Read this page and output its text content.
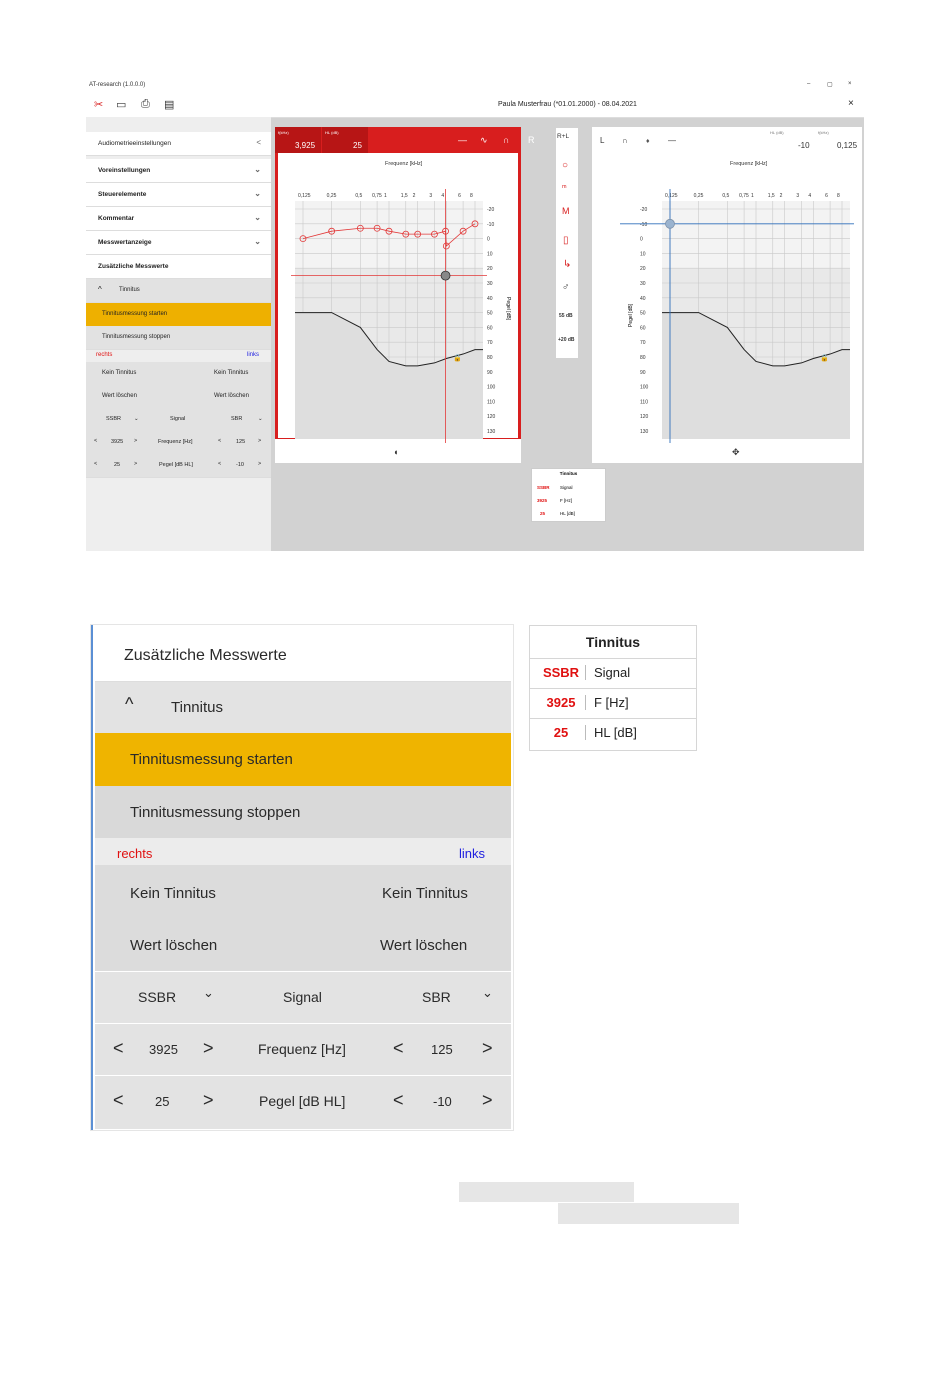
AT-research (1.0.0.0)	–	▢	×
✂ ▭ ⎙ ▤	Paula Musterfrau (*01.01.2000) - 08.04.2021	×
Audiometrieeinstellungen	<
Voreinstellungen	⌄
Steuerelemente	⌄
Kommentar	⌄
Messwertanzeige	⌄
Zusätzliche Messwerte
^	Tinnitus
Tinnitusmessung starten
Tinnitusmessung stoppen
rechts	links
Kein Tinnitus	Kein Tinnitus
Wert löschen	Wert löschen
SSBR ⌄	Signal	SBR	⌄
<	3925 >	Frequenz [Hz]	<	125 >
<	25	>	Pegel [dB HL]	<	-10	>
f(kHz)
3,925
HL (dB)
25
— ∿ ∩ R
Frequenz [kHz]
-20
-10
0
10
20
30
40
50
60
70
80
90
100
110
120
130
0,125	0,25	0,5 0,75 1	1,5 2	3 4	6 8
🔒
◖
Pegel [dB]
R+L
○
ᵐ
M
▯
↳
♂
55 dB
+20 dB
L ∩	♦ —
HL (dB)
-10
f(kHz)
0,125
Frequenz [kHz]
-20
-10
0
10
20
30
40
50
60
70
80
90
100
110
120
130
0,125	0,25	0,5 0,75 1	1,5 2	3 4	6 8
🔒
✥
Pegel [dB]
Tinnitus
SSBR Signal
3925	F [Hz]
25	HL [dB]
Zusätzliche Messwerte
^	Tinnitus
Tinnitusmessung starten
Tinnitusmessung stoppen
rechts	links
Kein Tinnitus	Kein Tinnitus
Wert löschen	Wert löschen
SSBR ⌄	Signal	SBR ⌄
< 3925 >	Frequenz [Hz]	< 125 >
< 25 >	Pegel [dB HL]	< -10 >
Tinnitus
SSBR	Signal
3925	F [Hz]
25	HL [dB]
